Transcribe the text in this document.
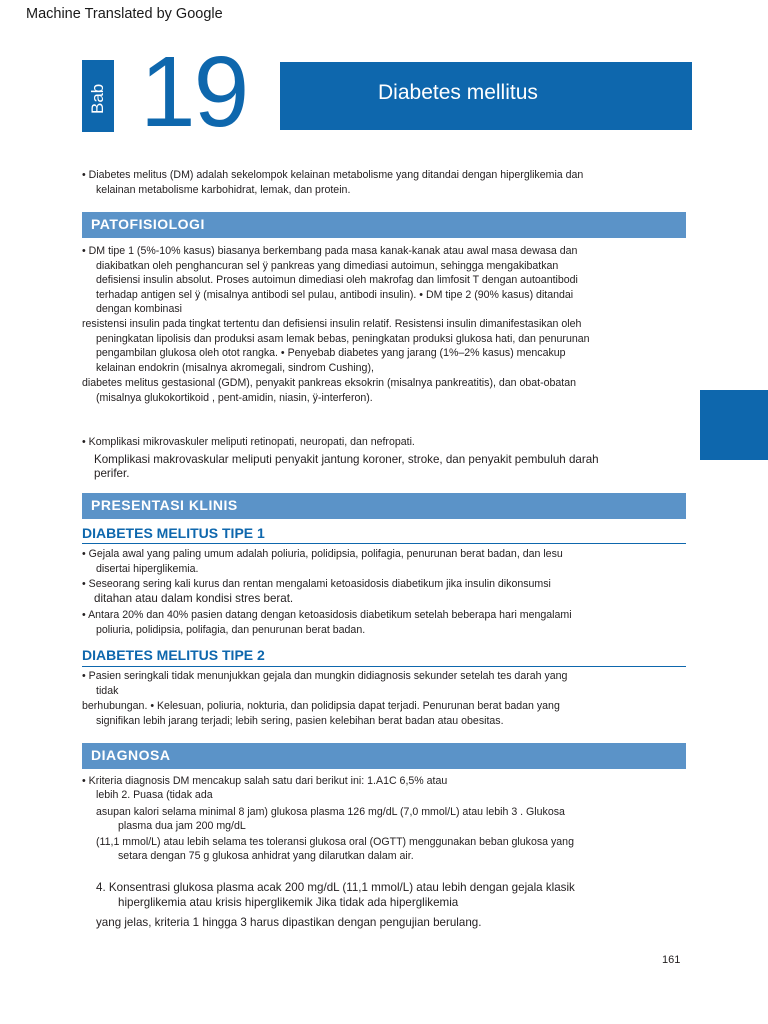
Machine Translated by Google
Bab 19	Diabetes mellitus
• Diabetes melitus (DM) adalah sekelompok kelainan metabolisme yang ditandai dengan hiperglikemia dan
kelainan metabolisme karbohidrat, lemak, dan protein.
PATOFISIOLOGI
• DM tipe 1 (5%-10% kasus) biasanya berkembang pada masa kanak-kanak atau awal masa dewasa dan
diakibatkan oleh penghancuran sel ÿ pankreas yang dimediasi autoimun, sehingga mengakibatkan
defisiensi insulin absolut. Proses autoimun dimediasi oleh makrofag dan limfosit T dengan autoantibodi
terhadap antigen sel ÿ (misalnya antibodi sel pulau, antibodi insulin). • DM tipe 2 (90% kasus) ditandai
dengan kombinasi
resistensi insulin pada tingkat tertentu dan defisiensi insulin relatif. Resistensi insulin dimanifestasikan oleh
peningkatan lipolisis dan produksi asam lemak bebas, peningkatan produksi glukosa hati, dan penurunan
pengambilan glukosa oleh otot rangka. • Penyebab diabetes yang jarang (1%–2% kasus) mencakup
kelainan endokrin (misalnya akromegali, sindrom Cushing),
diabetes melitus gestasional (GDM), penyakit pankreas eksokrin (misalnya pankreatitis), dan obat-obatan
(misalnya glukokortikoid , pent-amidin, niasin, ÿ-interferon).
• Komplikasi mikrovaskuler meliputi retinopati, neuropati, dan nefropati.
Komplikasi makrovaskular meliputi penyakit jantung koroner, stroke, dan penyakit pembuluh darah
perifer.
PRESENTASI KLINIS
DIABETES MELITUS TIPE 1
• Gejala awal yang paling umum adalah poliuria, polidipsia, polifagia, penurunan berat badan, dan lesu
disertai hiperglikemia.
• Seseorang sering kali kurus dan rentan mengalami ketoasidosis diabetikum jika insulin dikonsumsi
ditahan atau dalam kondisi stres berat.
• Antara 20% dan 40% pasien datang dengan ketoasidosis diabetikum setelah beberapa hari mengalami
poliuria, polidipsia, polifagia, dan penurunan berat badan.
DIABETES MELITUS TIPE 2
• Pasien seringkali tidak menunjukkan gejala dan mungkin didiagnosis sekunder setelah tes darah yang
tidak
berhubungan. • Kelesuan, poliuria, nokturia, dan polidipsia dapat terjadi. Penurunan berat badan yang
signifikan lebih jarang terjadi; lebih sering, pasien kelebihan berat badan atau obesitas.
DIAGNOSA
• Kriteria diagnosis DM mencakup salah satu dari berikut ini: 1.A1C 6,5% atau
lebih 2. Puasa (tidak ada
asupan kalori selama minimal 8 jam) glukosa plasma 126 mg/dL (7,0 mmol/L) atau lebih 3 . Glukosa
plasma dua jam 200 mg/dL
(11,1 mmol/L) atau lebih selama tes toleransi glukosa oral (OGTT) menggunakan beban glukosa yang
setara dengan 75 g glukosa anhidrat yang dilarutkan dalam air.
4. Konsentrasi glukosa plasma acak 200 mg/dL (11,1 mmol/L) atau lebih dengan gejala klasik
hiperglikemia atau krisis hiperglikemik Jika tidak ada hiperglikemia
yang jelas, kriteria 1 hingga 3 harus dipastikan dengan pengujian berulang.
161
